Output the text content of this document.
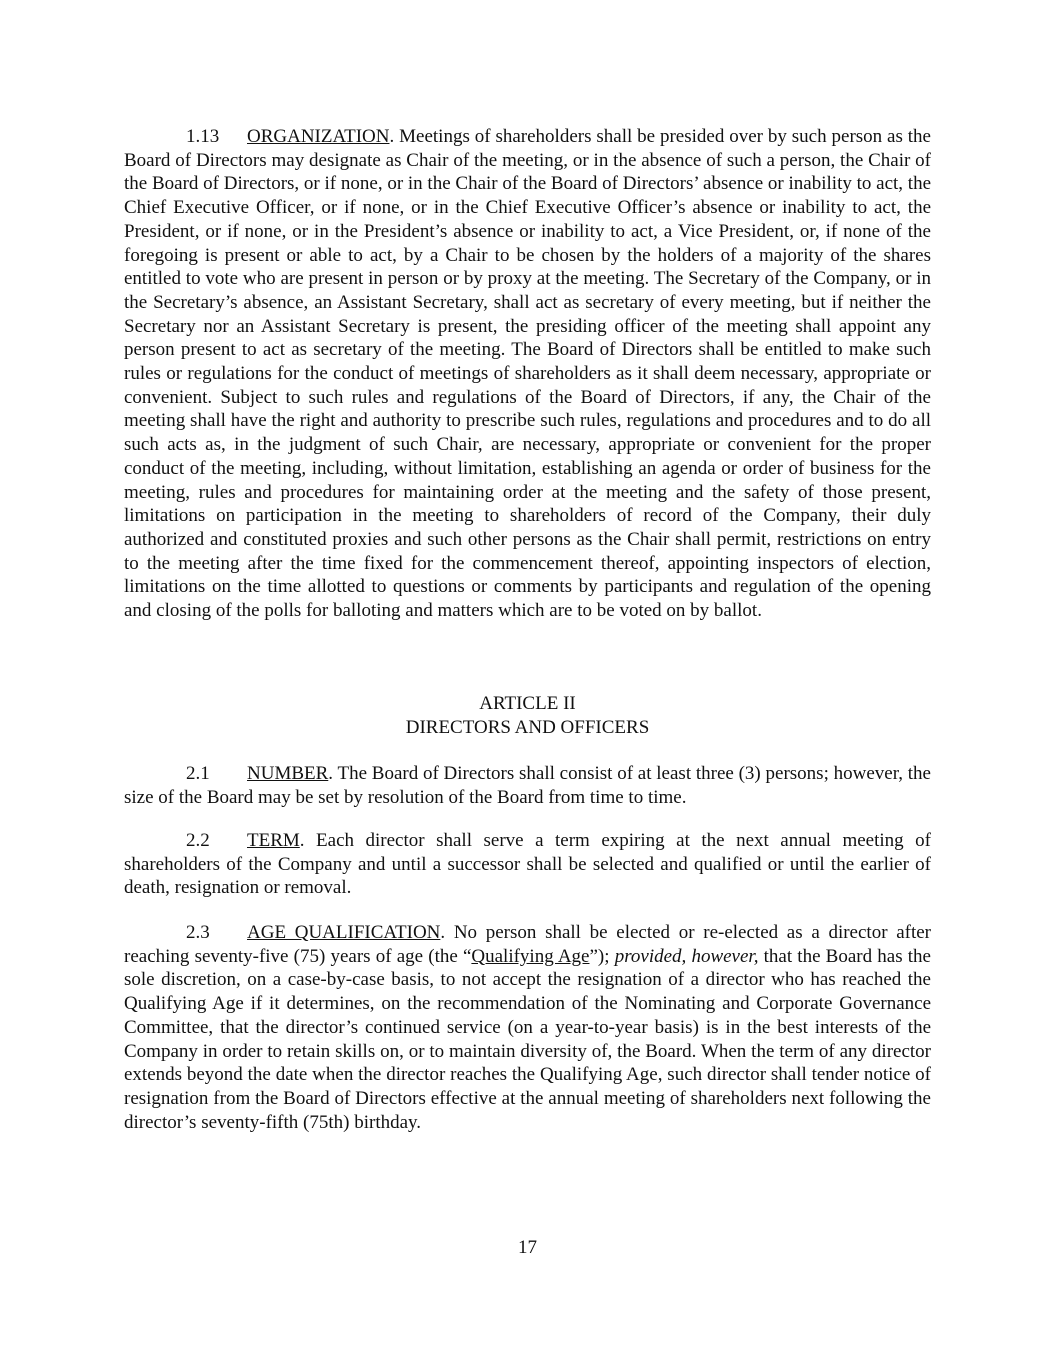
1.13 ORGANIZATION. Meetings of shareholders shall be presided over by such person as the Board of Directors may designate as Chair of the meeting, or in the absence of such a person, the Chair of the Board of Directors, or if none, or in the Chair of the Board of Directors’ absence or inability to act, the Chief Executive Officer, or if none, or in the Chief Executive Officer’s absence or inability to act, the President, or if none, or in the President’s absence or inability to act, a Vice President, or, if none of the foregoing is present or able to act, by a Chair to be chosen by the holders of a majority of the shares entitled to vote who are present in person or by proxy at the meeting. The Secretary of the Company, or in the Secretary’s absence, an Assistant Secretary, shall act as secretary of every meeting, but if neither the Secretary nor an Assistant Secretary is present, the presiding officer of the meeting shall appoint any person present to act as secretary of the meeting. The Board of Directors shall be entitled to make such rules or regulations for the conduct of meetings of shareholders as it shall deem necessary, appropriate or convenient. Subject to such rules and regulations of the Board of Directors, if any, the Chair of the meeting shall have the right and authority to prescribe such rules, regulations and procedures and to do all such acts as, in the judgment of such Chair, are necessary, appropriate or convenient for the proper conduct of the meeting, including, without limitation, establishing an agenda or order of business for the meeting, rules and procedures for maintaining order at the meeting and the safety of those present, limitations on participation in the meeting to shareholders of record of the Company, their duly authorized and constituted proxies and such other persons as the Chair shall permit, restrictions on entry to the meeting after the time fixed for the commencement thereof, appointing inspectors of election, limitations on the time allotted to questions or comments by participants and regulation of the opening and closing of the polls for balloting and matters which are to be voted on by ballot.

ARTICLE II
DIRECTORS AND OFFICERS

2.1 NUMBER. The Board of Directors shall consist of at least three (3) persons; however, the size of the Board may be set by resolution of the Board from time to time.

2.2 TERM. Each director shall serve a term expiring at the next annual meeting of shareholders of the Company and until a successor shall be selected and qualified or until the earlier of death, resignation or removal.

2.3 AGE QUALIFICATION. No person shall be elected or re-elected as a director after reaching seventy-five (75) years of age (the “Qualifying Age”); provided, however, that the Board has the sole discretion, on a case-by-case basis, to not accept the resignation of a director who has reached the Qualifying Age if it determines, on the recommendation of the Nominating and Corporate Governance Committee, that the director’s continued service (on a year-to-year basis) is in the best interests of the Company in order to retain skills on, or to maintain diversity of, the Board. When the term of any director extends beyond the date when the director reaches the Qualifying Age, such director shall tender notice of resignation from the Board of Directors effective at the annual meeting of shareholders next following the director’s seventy-fifth (75th) birthday.

17
